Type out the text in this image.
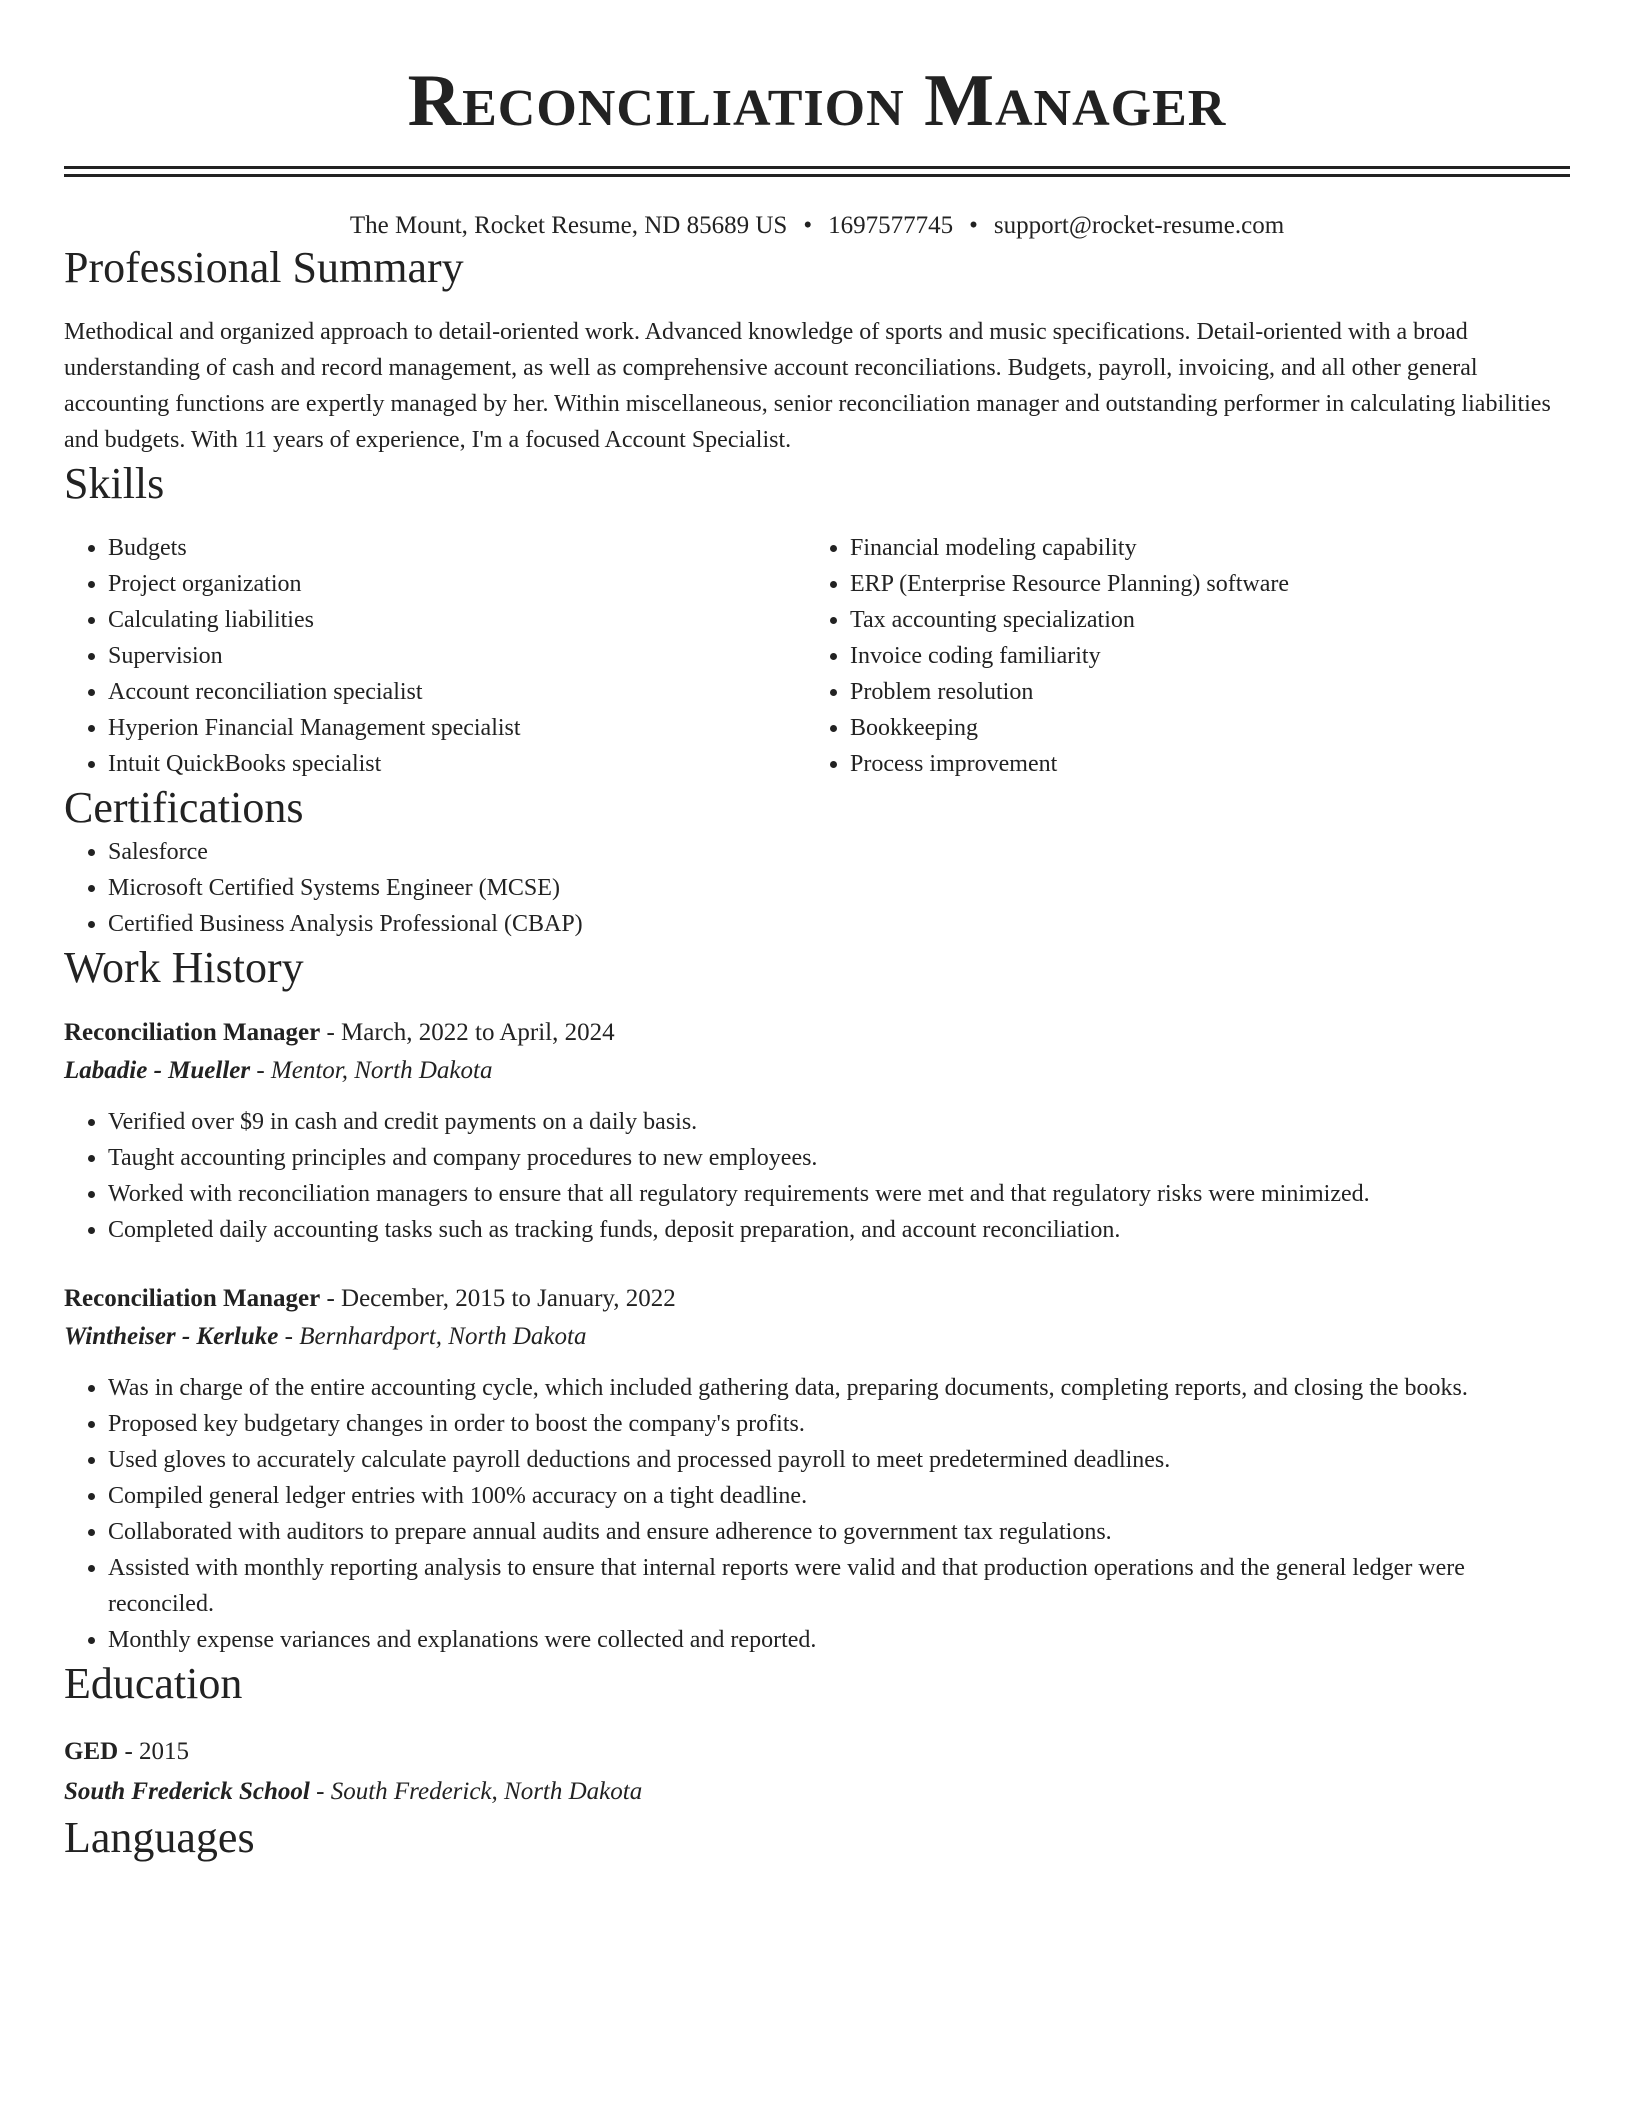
Reconciliation Manager
The Mount, Rocket Resume, ND 85689 US • 1697577745 • support@rocket-resume.com
Professional Summary

Methodical and organized approach to detail-oriented work. Advanced knowledge of sports and music specifications. Detail-oriented with a broad understanding of cash and record management, as well as comprehensive account reconciliations. Budgets, payroll, invoicing, and all other general accounting functions are expertly managed by her. Within miscellaneous, senior reconciliation manager and outstanding performer in calculating liabilities and budgets. With 11 years of experience, I'm a focused Account Specialist.

Skills
• Budgets
• Project organization
• Calculating liabilities
• Supervision
• Account reconciliation specialist
• Hyperion Financial Management specialist
• Intuit QuickBooks specialist
• Financial modeling capability
• ERP (Enterprise Resource Planning) software
• Tax accounting specialization
• Invoice coding familiarity
• Problem resolution
• Bookkeeping
• Process improvement
Certifications
• Salesforce
• Microsoft Certified Systems Engineer (MCSE)
• Certified Business Analysis Professional (CBAP)
Work History
Reconciliation Manager - March, 2022 to April, 2024
Labadie - Mueller - Mentor, North Dakota
• Verified over $9 in cash and credit payments on a daily basis.
• Taught accounting principles and company procedures to new employees.
• Worked with reconciliation managers to ensure that all regulatory requirements were met and that regulatory risks were minimized.
• Completed daily accounting tasks such as tracking funds, deposit preparation, and account reconciliation.
Reconciliation Manager - December, 2015 to January, 2022
Wintheiser - Kerluke - Bernhardport, North Dakota
• Was in charge of the entire accounting cycle, which included gathering data, preparing documents, completing reports, and closing the books.
• Proposed key budgetary changes in order to boost the company's profits.
• Used gloves to accurately calculate payroll deductions and processed payroll to meet predetermined deadlines.
• Compiled general ledger entries with 100% accuracy on a tight deadline.
• Collaborated with auditors to prepare annual audits and ensure adherence to government tax regulations.
• Assisted with monthly reporting analysis to ensure that internal reports were valid and that production operations and the general ledger were reconciled.
• Monthly expense variances and explanations were collected and reported.
Education
GED - 2015
South Frederick School - South Frederick, North Dakota
Languages
